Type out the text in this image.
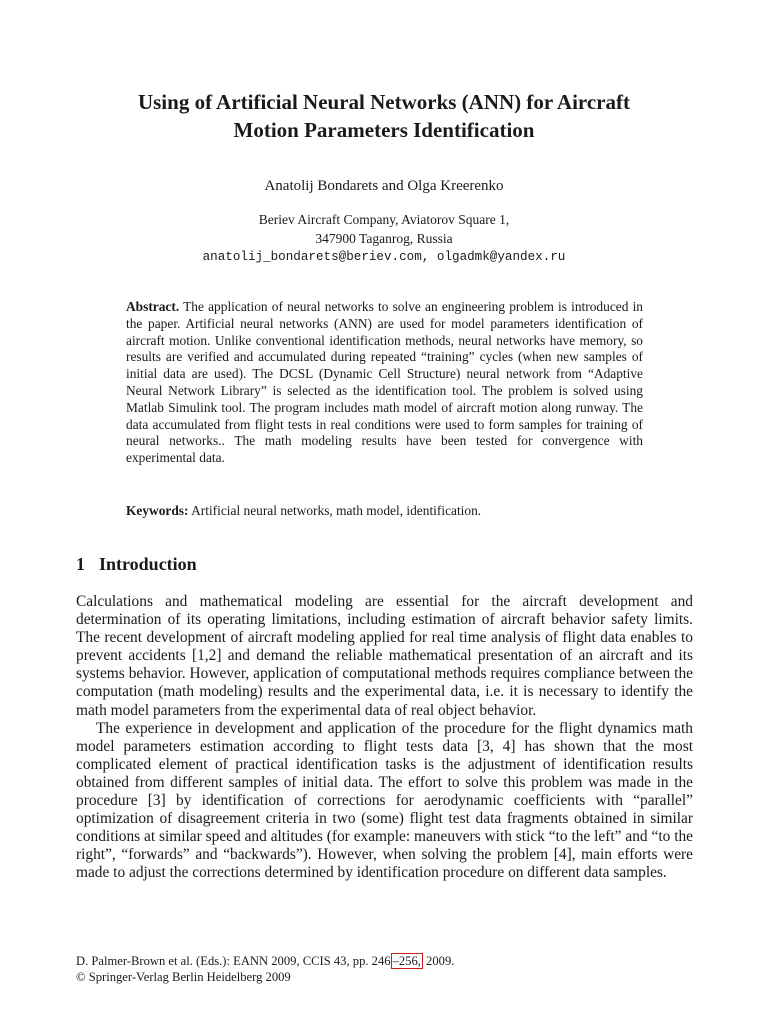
Using of Artificial Neural Networks (ANN) for Aircraft
Motion Parameters Identification
Anatolij Bondarets and Olga Kreerenko
Beriev Aircraft Company, Aviatorov Square 1,
347900 Taganrog, Russia
anatolij_bondarets@beriev.com, olgadmk@yandex.ru
Abstract. The application of neural networks to solve an engineering problem is introduced in the paper. Artificial neural networks (ANN) are used for model parameters identification of aircraft motion. Unlike conventional identification methods, neural networks have memory, so results are verified and accumulated during repeated “training” cycles (when new samples of initial data are used). The DCSL (Dynamic Cell Structure) neural network from “Adaptive Neural Network Library” is selected as the identification tool. The problem is solved using Matlab Simulink tool. The program includes math model of aircraft motion along runway. The data accumulated from flight tests in real conditions were used to form samples for training of neural networks.. The math modeling results have been tested for convergence with experimental data.
Keywords: Artificial neural networks, math model, identification.
1 Introduction

Calculations and mathematical modeling are essential for the aircraft development and determination of its operating limitations, including estimation of aircraft behavior safety limits. The recent development of aircraft modeling applied for real time analysis of flight data enables to prevent accidents [1,2] and demand the reliable mathematical presentation of an aircraft and its systems behavior. However, application of computational methods requires compliance between the computation (math modeling) results and the experimental data, i.e. it is necessary to identify the math model parameters from the experimental data of real object behavior.

The experience in development and application of the procedure for the flight dynamics math model parameters estimation according to flight tests data [3, 4] has shown that the most complicated element of practical identification tasks is the adjustment of identification results obtained from different samples of initial data. The effort to solve this problem was made in the procedure [3] by identification of corrections for aerodynamic coefficients with “parallel” optimization of disagreement criteria in two (some) flight test data fragments obtained in similar conditions at similar speed and altitudes (for example: maneuvers with stick “to the left” and “to the right”, “forwards” and “backwards”). However, when solving the problem [4], main efforts were made to adjust the corrections determined by identification procedure on different data samples.

D. Palmer-Brown et al. (Eds.): EANN 2009, CCIS 43, pp. 246 –256, 2009.
© Springer-Verlag Berlin Heidelberg 2009
